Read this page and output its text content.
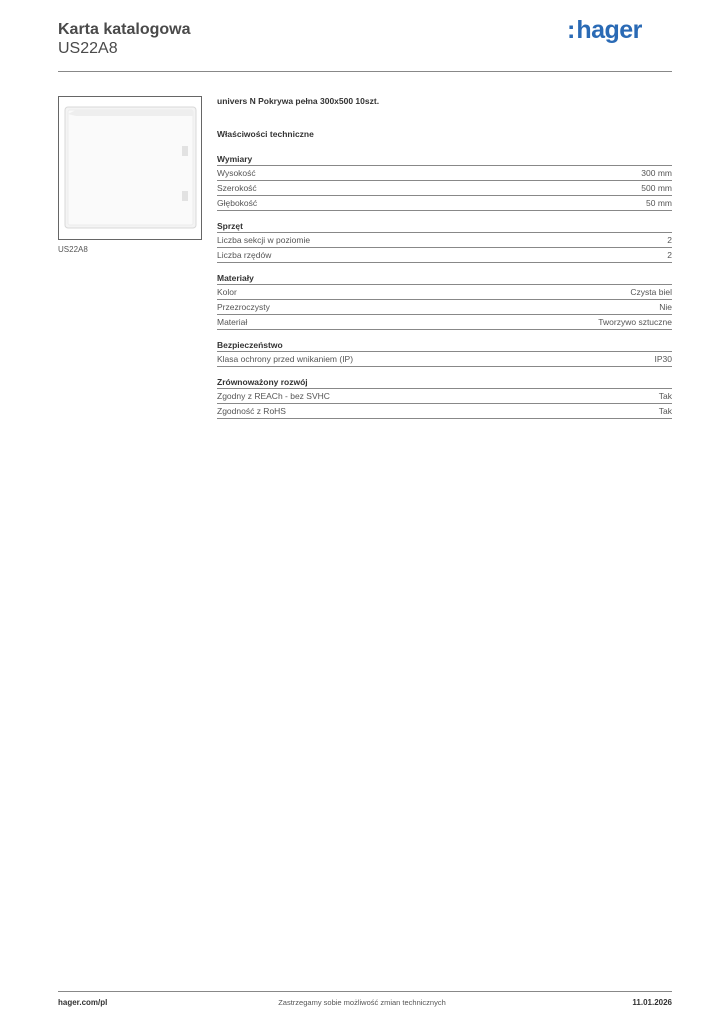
Karta katalogowa
US22A8
:hager
US22A8
univers N Pokrywa pełna 300x500 10szt.
Właściwości techniczne
Wymiary
Wysokość	300 mm
Szerokość	500 mm
Głębokość	50 mm
Sprzęt
Liczba sekcji w poziomie	2
Liczba rzędów	2
Materiały
Kolor	Czysta biel
Przezroczysty	Nie
Materiał	Tworzywo sztuczne
Bezpieczeństwo
Klasa ochrony przed wnikaniem (IP)	IP30
Zrównoważony rozwój
Zgodny z REACh - bez SVHC	Tak
Zgodność z RoHS	Tak
hager.com/pl	Zastrzegamy sobie możliwość zmian technicznych	11.01.2026
